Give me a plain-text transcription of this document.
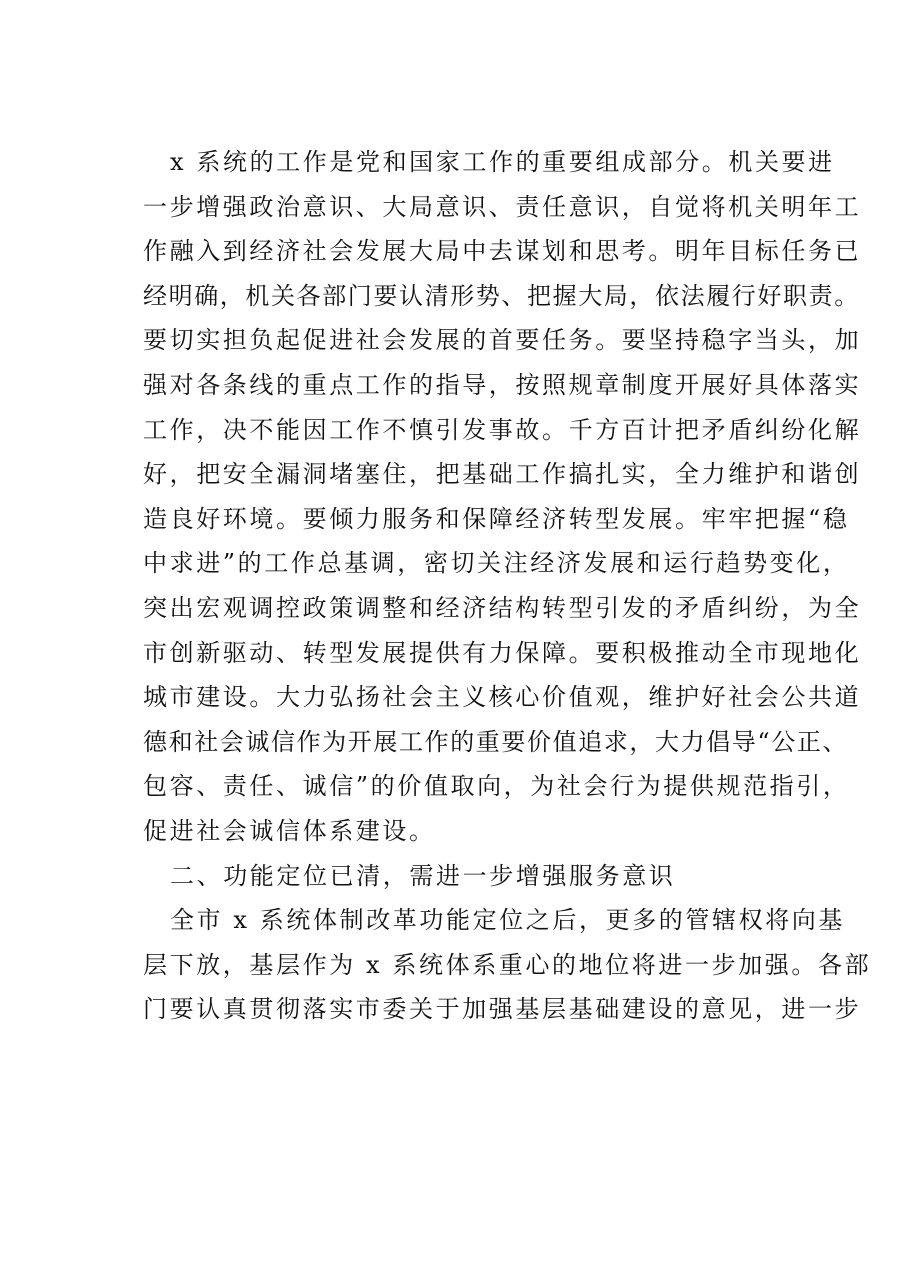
x 系统的工作是党和国家工作的重要组成部分。机关要进
一步增强政治意识、大局意识、责任意识，自觉将机关明年工
作融入到经济社会发展大局中去谋划和思考。明年目标任务已
经明确，机关各部门要认清形势、把握大局，依法履行好职责。
要切实担负起促进社会发展的首要任务。要坚持稳字当头，加
强对各条线的重点工作的指导，按照规章制度开展好具体落实
工作，决不能因工作不慎引发事故。千方百计把矛盾纠纷化解
好，把安全漏洞堵塞住，把基础工作搞扎实，全力维护和谐创
造良好环境。要倾力服务和保障经济转型发展。牢牢把握“稳
中求进”的工作总基调，密切关注经济发展和运行趋势变化，
突出宏观调控政策调整和经济结构转型引发的矛盾纠纷，为全
市创新驱动、转型发展提供有力保障。要积极推动全市现地化
城市建设。大力弘扬社会主义核心价值观，维护好社会公共道
德和社会诚信作为开展工作的重要价值追求，大力倡导“公正、
包容、责任、诚信”的价值取向，为社会行为提供规范指引，
促进社会诚信体系建设。
二、功能定位已清，需进一步增强服务意识
全市 x 系统体制改革功能定位之后，更多的管辖权将向基
层下放，基层作为 x 系统体系重心的地位将进一步加强。各部
门要认真贯彻落实市委关于加强基层基础建设的意见，进一步
